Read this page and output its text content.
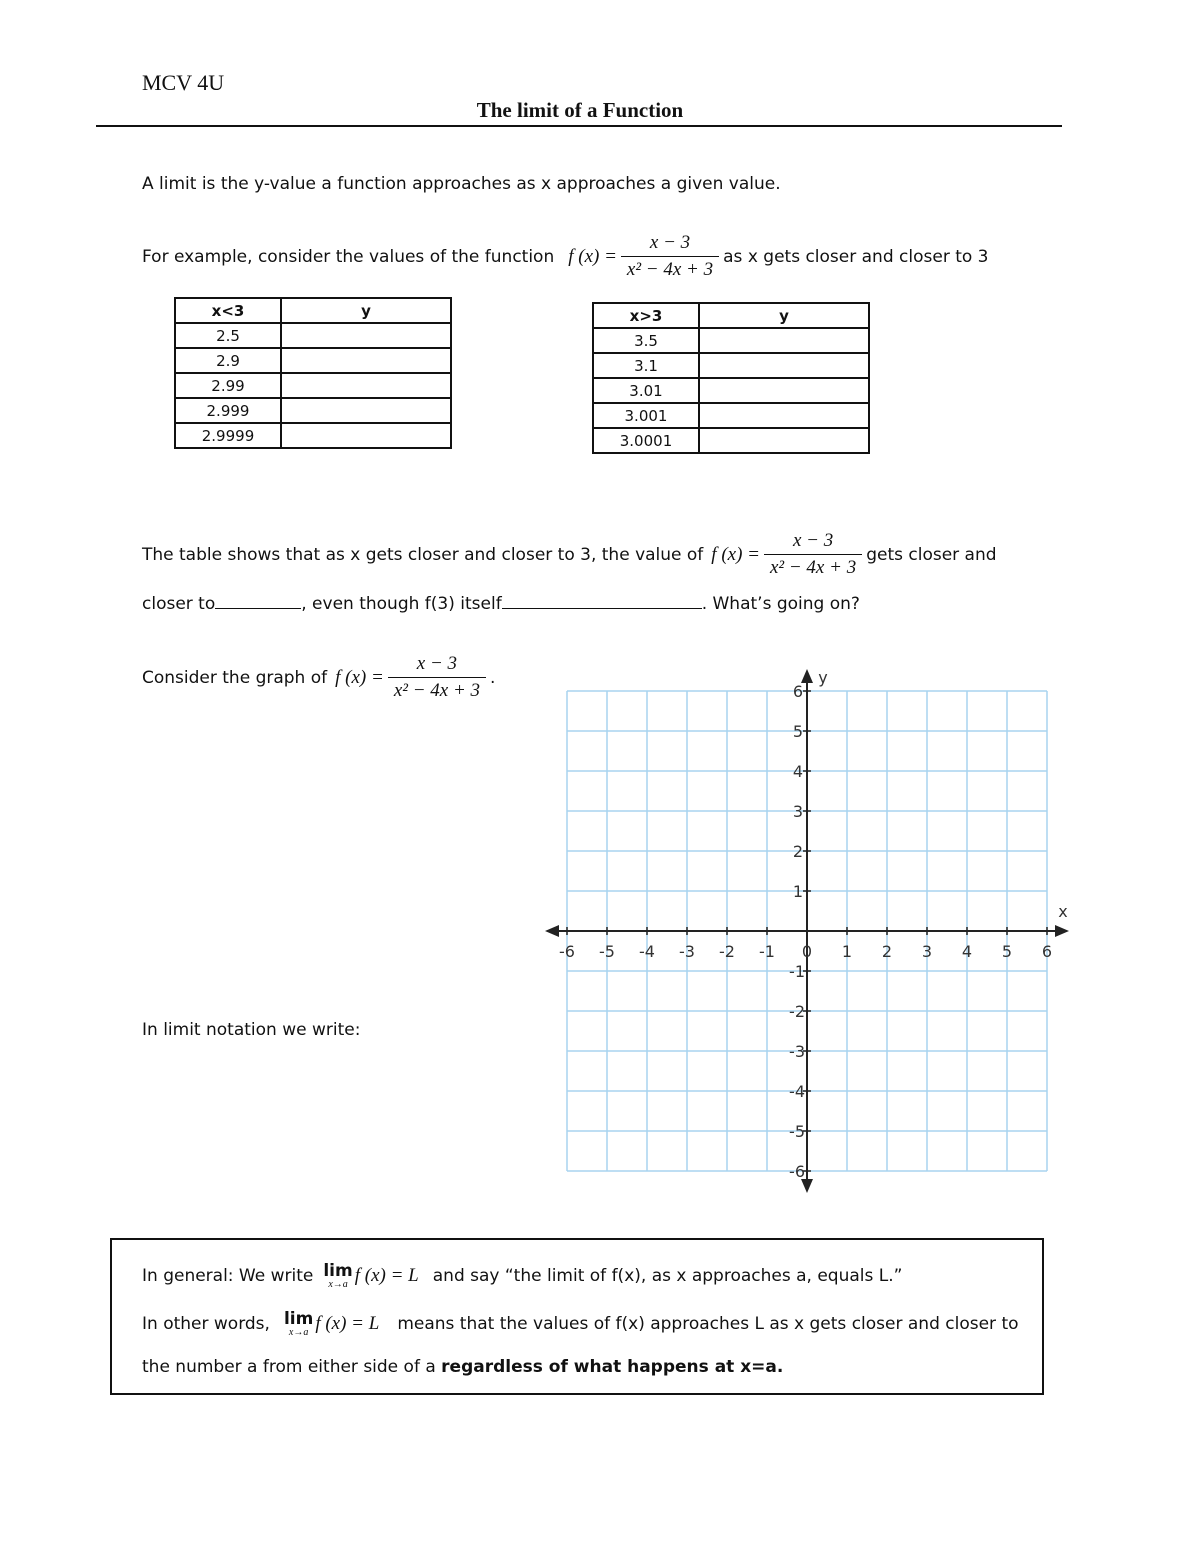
MCV 4U
The limit of a Function
A limit is the y-value a function approaches as x approaches a given value.
For example, consider the values of the function f $(x) = \frac{x - 3}{\text{x² − 4x + 3}}$ as x gets closer and closer to 3
x<3	y
2.5	
2.9	
2.99	
2.999	
2.9999	
x>3	y
3.5	
3.1	
3.01	
3.001	
3.0001	
The table shows that as x gets closer and closer to 3, the value of f $(x) = \frac{x - 3}{\text{x² − 4x + 3}}$ gets closer and
closer to	, even though f(3) itself	. What’s going on?
Consider the graph of f $(x) = \frac{x - 3}{\text{x² − 4x + 3}}$ .
In limit notation we write:
-6 -5 -4 -3 -2 -1 0 1 2 3 4 5 6
6
5
4
3
2
1
-1
-2
-3
-4
-5
-6
x
y
In general: We write lim
x→a f (x) = L and say “the limit of f(x), as x approaches a, equals L.”
In other words, lim
x→a f (x) = L means that the values of f(x) approaches L as x gets closer and closer to
the number a from either side of a regardless of what happens at x=a.
